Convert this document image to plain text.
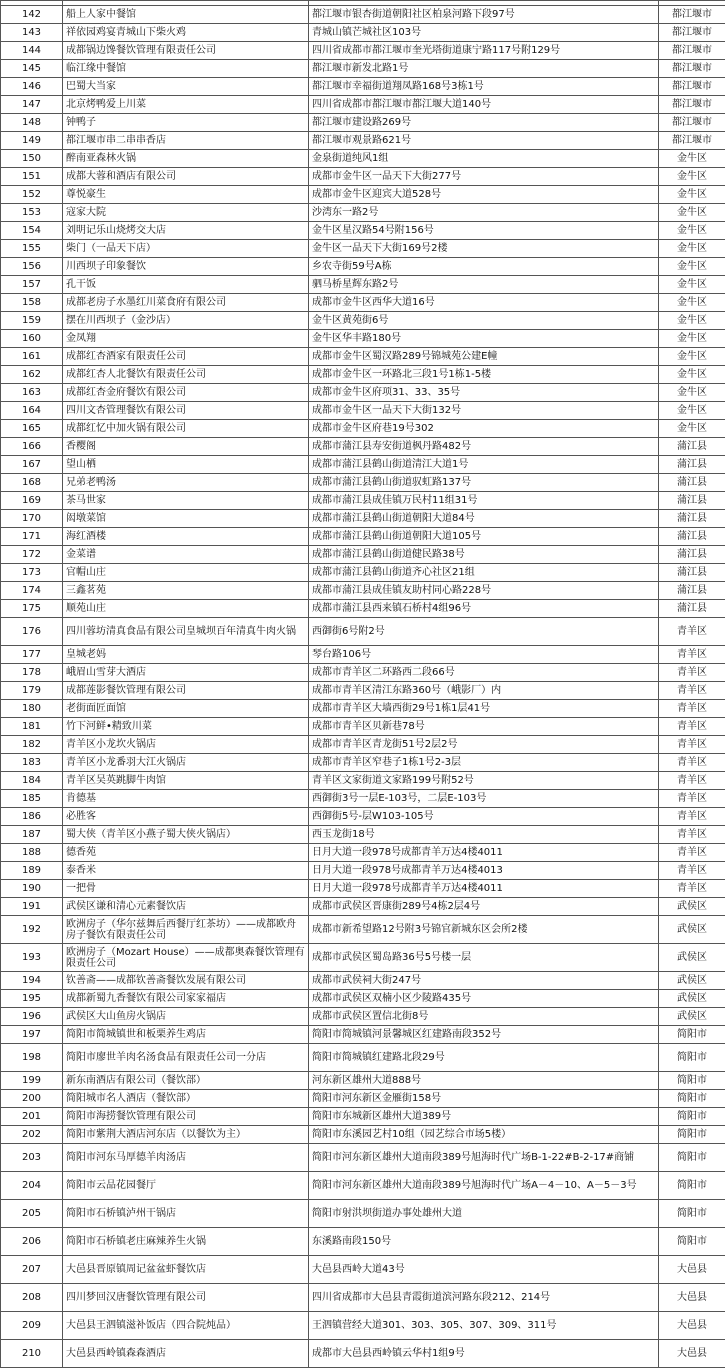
142	船上人家中餐馆	都江堰市银杏街道朝阳社区柏泉河路下段97号	都江堰市
143	祥依园鸡宴青城山下柴火鸡	青城山镇芒城社区103号	都江堰市
144	成都锅边馋餐饮管理有限责任公司	四川省成都市都江堰市奎光塔街道康宁路117号附129号	都江堰市
145	临江缘中餐馆	都江堰市新发北路1号	都江堰市
146	巴蜀大当家	都江堰市幸福街道翔凤路168号3栋1号	都江堰市
147	北京烤鸭爱上川菜	四川省成都市都江堰市都江堰大道140号	都江堰市
148	钟鸭子	都江堰市建设路269号	都江堰市
149	都江堰市串二串串香店	都江堰市观景路621号	都江堰市
150	醉南亚森林火锅	金泉街道纯风1组	金牛区
151	成都大蓉和酒店有限公司	成都市金牛区一品天下大街277号	金牛区
152	尊悦豪生	成都市金牛区迎宾大道528号	金牛区
153	寇家大院	沙湾东一路2号	金牛区
154	刘明记乐山烧烤交大店	金牛区星汉路54号附156号	金牛区
155	柴门（一品天下店）	金牛区一品天下大街169号2楼	金牛区
156	川西坝子印象餐饮	乡农寺街59号A栋	金牛区
157	孔干饭	驷马桥星辉东路2号	金牛区
158	成都老房子水墨红川菜食府有限公司	成都市金牛区西华大道16号	金牛区
159	摆在川西坝子（金沙店）	金牛区黄苑街6号	金牛区
160	金凤翔	金牛区华丰路180号	金牛区
161	成都红杏酒家有限责任公司	成都市金牛区蜀汉路289号锦城苑公建E幢	金牛区
162	成都红杏人北餐饮有限责任公司	成都市金牛区一环路北三段1号1栋1-5楼	金牛区
163	成都红杏金府餐饮有限公司	成都市金牛区府项31、33、35号	金牛区
164	四川文杏管理餐饮有限公司	成都市金牛区一品天下大街132号	金牛区
165	成都红忆中加火锅有限公司	成都市金牛区府巷19号302	金牛区
166	香樱阁	成都市蒲江县寿安街道枫丹路482号	蒲江县
167	望山栖	成都市蒲江县鹤山街道清江大道1号	蒲江县
168	兄弟老鸭汤	成都市蒲江县鹤山街道驭虹路137号	蒲江县
169	茶马世家	成都市蒲江县成佳镇万民村11组31号	蒲江县
170	闳墩菜馆	成都市蒲江县鹤山街道朝阳大道84号	蒲江县
171	海红酒楼	成都市蒲江县鹤山街道朝阳大道105号	蒲江县
172	金菜谱	成都市蒲江县鹤山街道健民路38号	蒲江县
173	官帽山庄	成都市蒲江县鹤山街道齐心社区21组	蒲江县
174	三鑫茗苑	成都市蒲江县成佳镇友助村同心路228号	蒲江县
175	顺苑山庄	成都市蒲江县西来镇石桥村4组96号	蒲江县
176	四川蓉坊清真食品有限公司皇城坝百年清真牛肉火锅	西御街6号附2号	青羊区
177	皇城老妈	琴台路106号	青羊区
178	峨眉山雪芽大酒店	成都市青羊区二环路西二段66号	青羊区
179	成都莲影餐饮管理有限公司	成都市青羊区清江东路360号（峨影厂）内	青羊区
180	老街面匠面馆	成都市青羊区大墙西街29号1栋1层41号	青羊区
181	竹下河鲜•精致川菜	成都市青羊区贝新巷78号	青羊区
182	青羊区小龙坎火锅店	成都市青羊区青龙街51号2层2号	青羊区
183	青羊区小龙番羽大江火锅店	成都市青羊区窄巷子1栋1号2-3层	青羊区
184	青羊区吴英跳脚牛肉馆	青羊区文家街道文家路199号附52号	青羊区
185	肯德基	西御街3号一层E-103号，二层E-103号	青羊区
186	必胜客	西御街5号-层W103-105号	青羊区
187	蜀大侠（青羊区小燕子蜀大侠火锅店）	西玉龙街18号	青羊区
188	德香苑	日月大道一段978号成都青羊万达4楼4011	青羊区
189	泰香米	日月大道一段978号成都青羊万达4楼4013	青羊区
190	一把骨	日月大道一段978号成都青羊万达4楼4011	青羊区
191	武侯区谦和清心元素餐饮店	成都市武侯区晋康街289号4栋2层4号	武侯区
192	欧洲房子（华尔兹舞后西餐厅红茶坊）——成都欧舟房子餐饮有限责任公司	成都市新希望路12号附3号锦官新城东区会所2楼	武侯区
193	欧洲房子（Mozart House）——成都奥森餐饮管理有限责任公司	成都市武侯区蜀岛路36号5号楼一层	武侯区
194	钦善斋——成都钦善斋餐饮发展有限公司	成都市武侯祠大街247号	武侯区
195	成都新蜀九香餐饮有限公司家家福店	成都市武侯区双楠小区少陵路435号	武侯区
196	武侯区大山鱼房火锅店	成都市武侯区置信北街8号	武侯区
197	简阳市简城镇世和板栗养生鸡店	简阳市简城镇河景馨城区红建路南段352号	简阳市
198	简阳市廖世羊肉名汤食品有限责任公司一分店	简阳市简城镇红建路北段29号	简阳市
199	新东南酒店有限公司（餐饮部）	河东新区雄州大道888号	简阳市
200	简阳城市名人酒店（餐饮部）	简阳市河东新区金雁街158号	简阳市
201	简阳市海捞餐饮管理有限公司	简阳市东城新区雄州大道389号	简阳市
202	简阳市紫荆大酒店河东店（以餐饮为主）	简阳市东溪园艺村10组（园艺综合市场5楼）	简阳市
203	简阳市河东马厚德羊肉汤店	简阳市河东新区雄州大道南段389号旭海时代广场B-1-22#B-2-17#商铺	简阳市
204	简阳市云品花园餐厅	简阳市河东新区雄州大道南段389号旭海时代广场A－4－10、A－5－3号	简阳市
205	简阳市石桥镇泸州干锅店	简阳市射洪坝街道办事处雄州大道	简阳市
206	简阳市石桥镇老庄麻辣养生火锅	东溪路南段150号	简阳市
207	大邑县晋原镇周记盆盆虾餐饮店	大邑县西岭大道43号	大邑县
208	四川梦回汉唐餐饮管理有限公司	四川省成都市大邑县青霞街道滨河路东段212、214号	大邑县
209	大邑县王泗镇滋补饭店（四合院炖品）	王泗镇营经大道301、303、305、307、309、311号	大邑县
210	大邑县西岭镇森森酒店	成都市大邑县西岭镇云华村1组9号	大邑县
